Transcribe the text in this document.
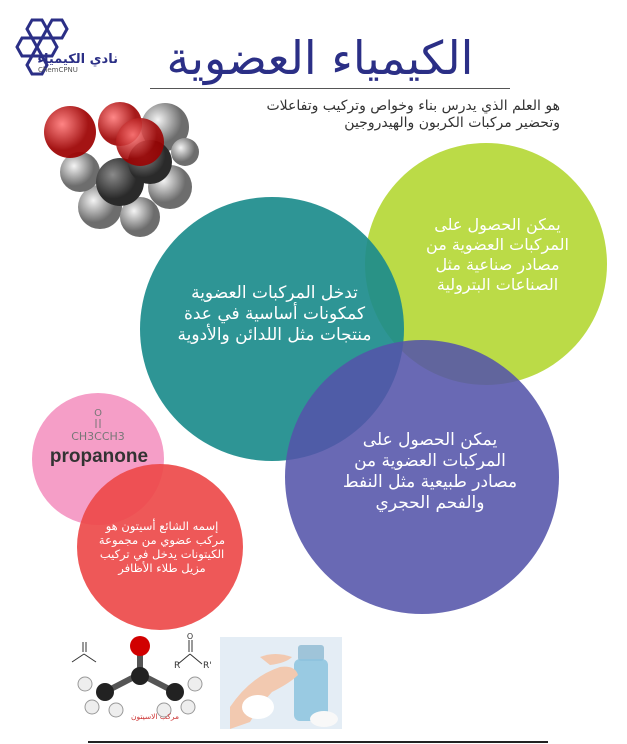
نادي الكيمياء
ChemCPNU	الكيمياء العضوية
هو العلم الذي يدرس بناء وخواص وتركيب وتفاعلات
وتحضير مركبات الكربون والهيدروجين
يمكن الحصول على المركبات العضوية من مصادر صناعية مثل الصناعات البترولية
تدخل المركبات العضوية كمكونات أساسية في عدة منتجات مثل اللدائن والأدوية
يمكن الحصول على المركبات العضوية من مصادر طبيعية مثل النفط والفحم الحجري
إسمه الشائع أسيتون هو مركب عضوي من مجموعة الكيتونات يدخل في تركيب مزيل طلاء الأظافر
O
CH3CCH3
propanone
O
R	R'
مركب الاسيتون
